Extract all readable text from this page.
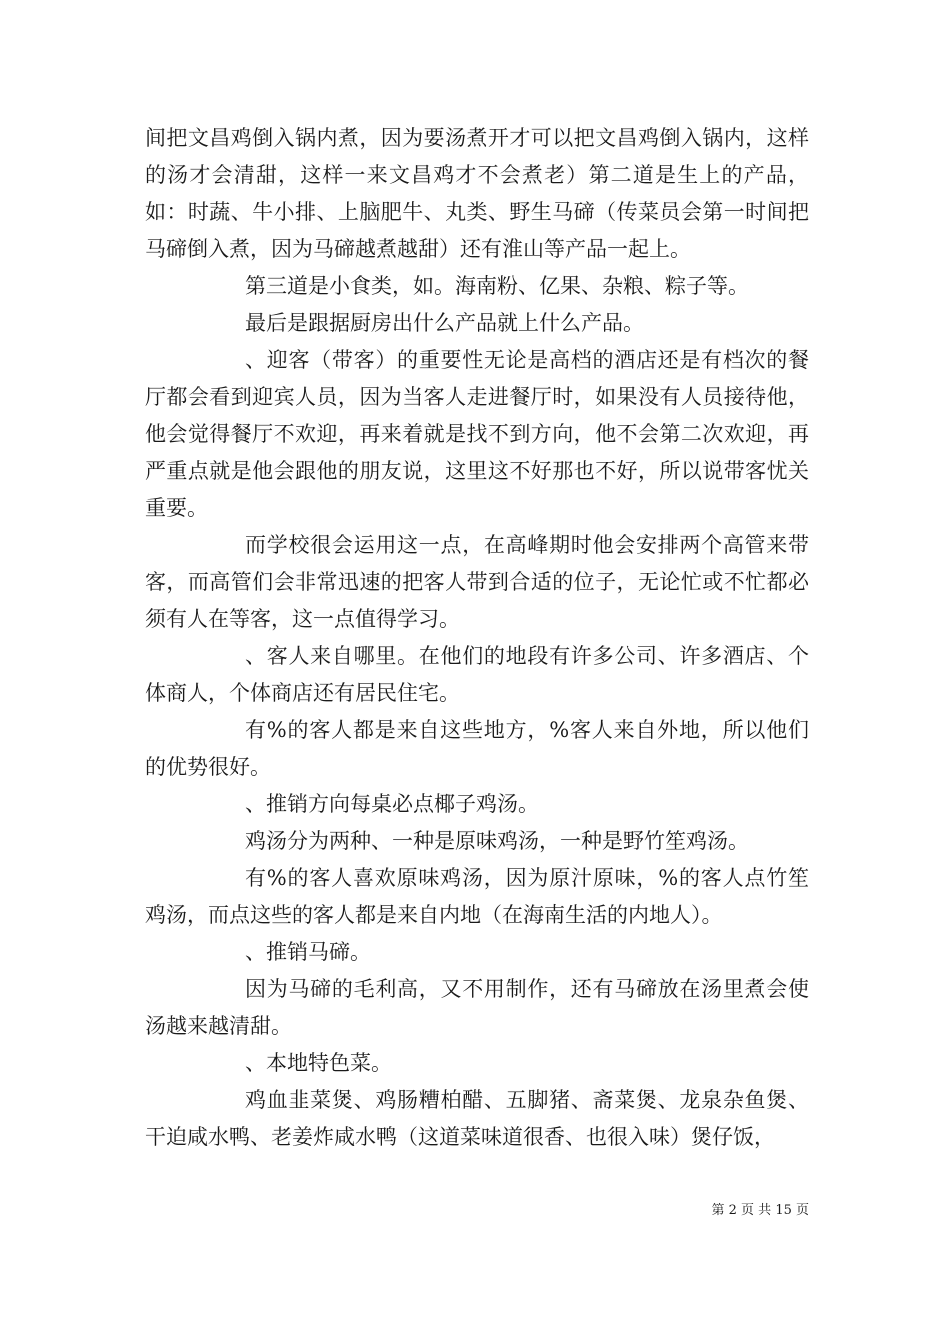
间把文昌鸡倒入锅内煮，因为要汤煮开才可以把文昌鸡倒入锅内，这样的汤才会清甜，这样一来文昌鸡才不会煮老）第二道是生上的产品，如：时蔬、牛小排、上脑肥牛、丸类、野生马碲（传菜员会第一时间把马碲倒入煮，因为马碲越煮越甜）还有淮山等产品一起上。

第三道是小食类，如。海南粉、亿果、杂粮、粽子等。

最后是跟据厨房出什么产品就上什么产品。

、迎客（带客）的重要性无论是高档的酒店还是有档次的餐厅都会看到迎宾人员，因为当客人走进餐厅时，如果没有人员接待他，他会觉得餐厅不欢迎，再来着就是找不到方向，他不会第二次欢迎，再严重点就是他会跟他的朋友说，这里这不好那也不好，所以说带客忧关重要。

而学校很会运用这一点，在高峰期时他会安排两个高管来带客，而高管们会非常迅速的把客人带到合适的位子，无论忙或不忙都必须有人在等客，这一点值得学习。

、客人来自哪里。在他们的地段有许多公司、许多酒店、个体商人，个体商店还有居民住宅。

有%的客人都是来自这些地方，%客人来自外地，所以他们的优势很好。

、推销方向每桌必点椰子鸡汤。

鸡汤分为两种、一种是原味鸡汤，一种是野竹笙鸡汤。

有%的客人喜欢原味鸡汤，因为原汁原味，%的客人点竹笙鸡汤，而点这些的客人都是来自内地（在海南生活的内地人）。

、推销马碲。

因为马碲的毛利高，又不用制作，还有马碲放在汤里煮会使汤越来越清甜。

、本地特色菜。

鸡血韭菜煲、鸡肠糟柏醋、五脚猪、斋菜煲、龙泉杂鱼煲、干迫咸水鸭、老姜炸咸水鸭（这道菜味道很香、也很入味）煲仔饭，

第 2 页 共 15 页
